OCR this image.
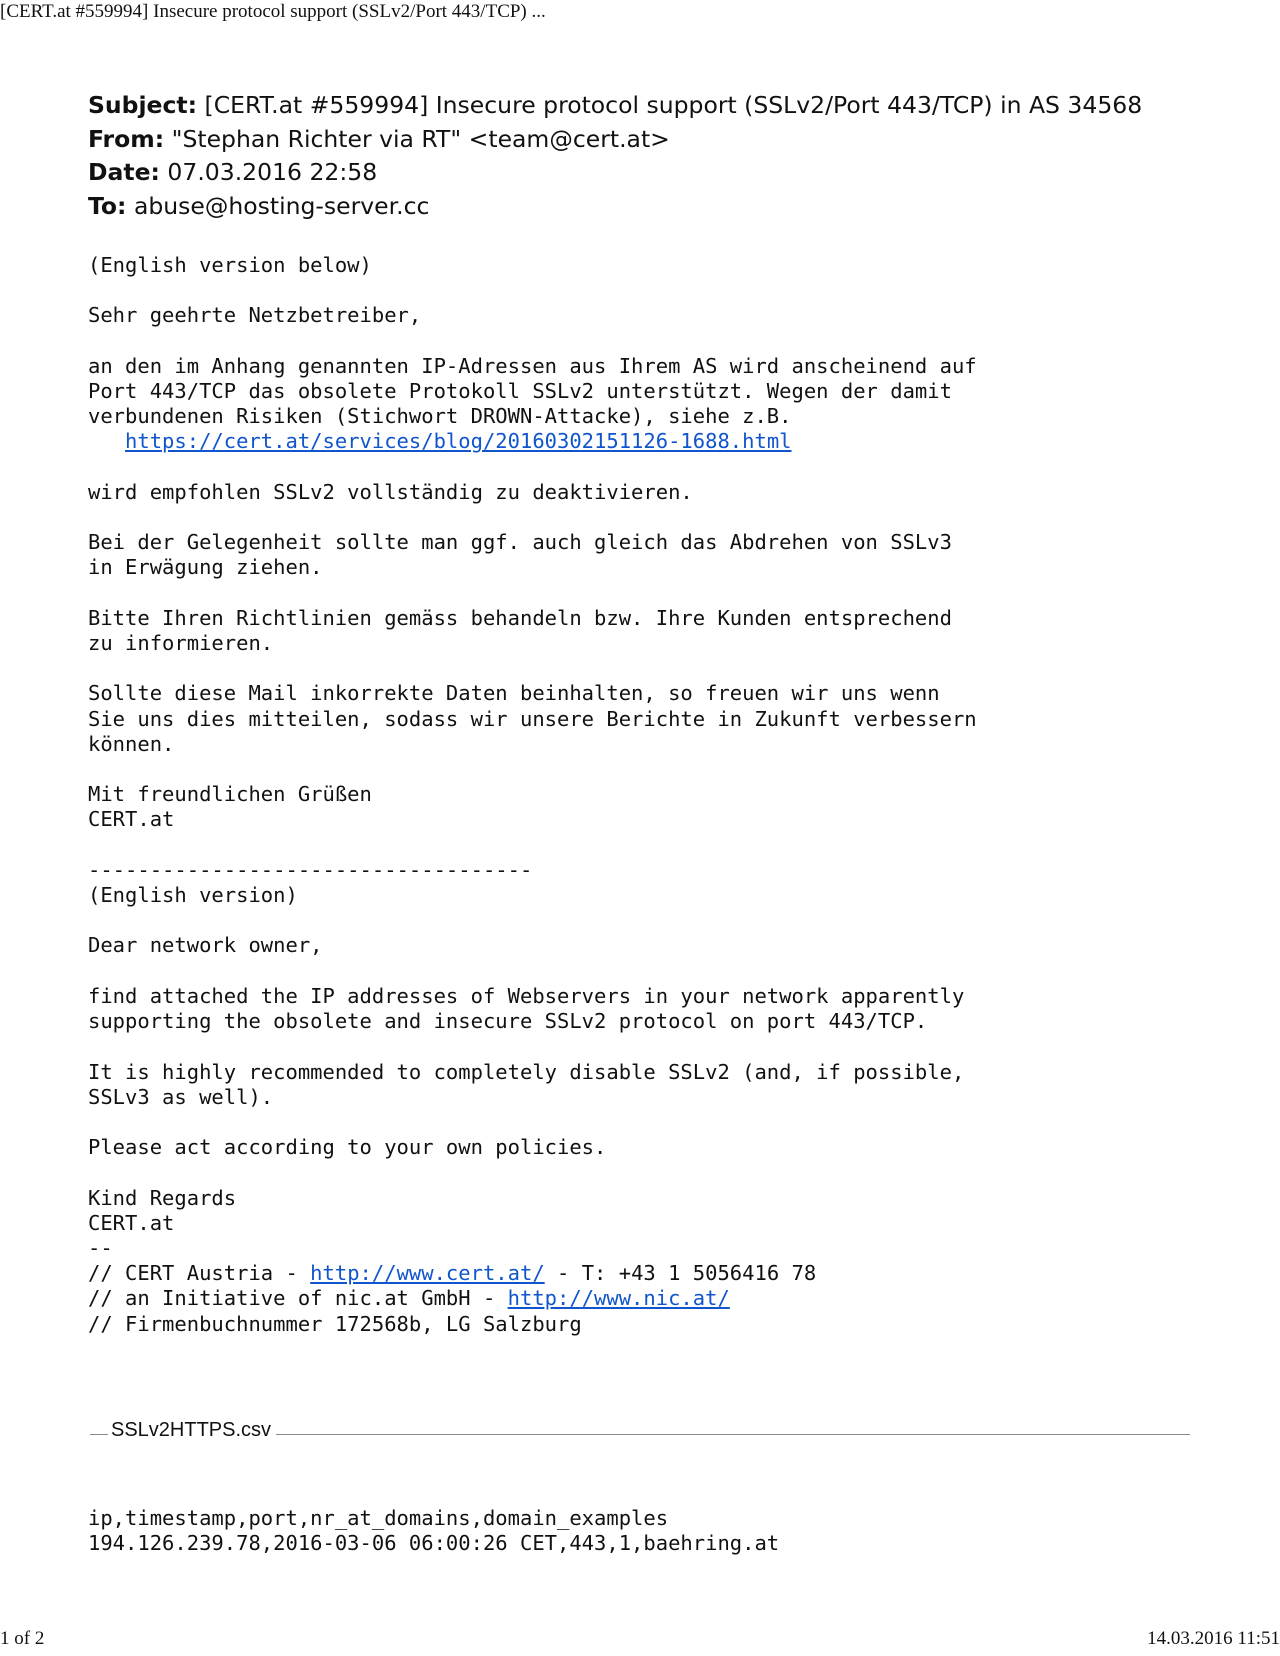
[CERT.at #559994] Insecure protocol support (SSLv2/Port 443/TCP) ...
Subject: [CERT.at #559994] Insecure protocol support (SSLv2/Port 443/TCP) in AS 34568
From: "Stephan Richter via RT" <team@cert.at>
Date: 07.03.2016 22:58
To: abuse@hosting-server.cc
(English version below)

Sehr geehrte Netzbetreiber,

an den im Anhang genannten IP-Adressen aus Ihrem AS wird anscheinend auf
Port 443/TCP das obsolete Protokoll SSLv2 unterstützt. Wegen der damit
verbundenen Risiken (Stichwort DROWN-Attacke), siehe z.B.
https://cert.at/services/blog/20160302151126-1688.html

wird empfohlen SSLv2 vollständig zu deaktivieren.

Bei der Gelegenheit sollte man ggf. auch gleich das Abdrehen von SSLv3
in Erwägung ziehen.

Bitte Ihren Richtlinien gemäss behandeln bzw. Ihre Kunden entsprechend
zu informieren.

Sollte diese Mail inkorrekte Daten beinhalten, so freuen wir uns wenn
Sie uns dies mitteilen, sodass wir unsere Berichte in Zukunft verbessern
können.

Mit freundlichen Grüßen
CERT.at

------------------------------------
(English version)

Dear network owner,

find attached the IP addresses of Webservers in your network apparently
supporting the obsolete and insecure SSLv2 protocol on port 443/TCP.

It is highly recommended to completely disable SSLv2 (and, if possible,
SSLv3 as well).

Please act according to your own policies.

Kind Regards
CERT.at
--
// CERT Austria - http://www.cert.at/ - T: +43 1 5056416 78
// an Initiative of nic.at GmbH - http://www.nic.at/
// Firmenbuchnummer 172568b, LG Salzburg
SSLv2HTTPS.csv
ip,timestamp,port,nr_at_domains,domain_examples
194.126.239.78,2016-03-06 06:00:26 CET,443,1,baehring.at
1 of 2	14.03.2016 11:51
